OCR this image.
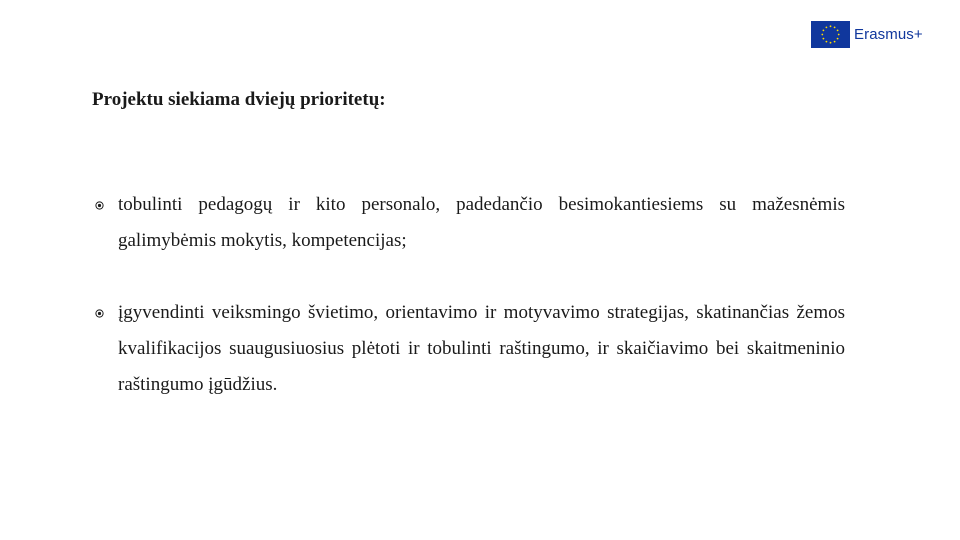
Erasmus+
Projektu siekiama dviejų prioritetų:
tobulinti pedagogų ir kito personalo, padedančio besimokantiesiems su mažesnėmis galimybėmis mokytis, kompetencijas;
įgyvendinti veiksmingo švietimo, orientavimo ir motyvavimo strategijas, skatinančias žemos kvalifikacijos suaugusiuosius plėtoti ir tobulinti raštingumo, ir skaičiavimo bei skaitmeninio raštingumo įgūdžius.
